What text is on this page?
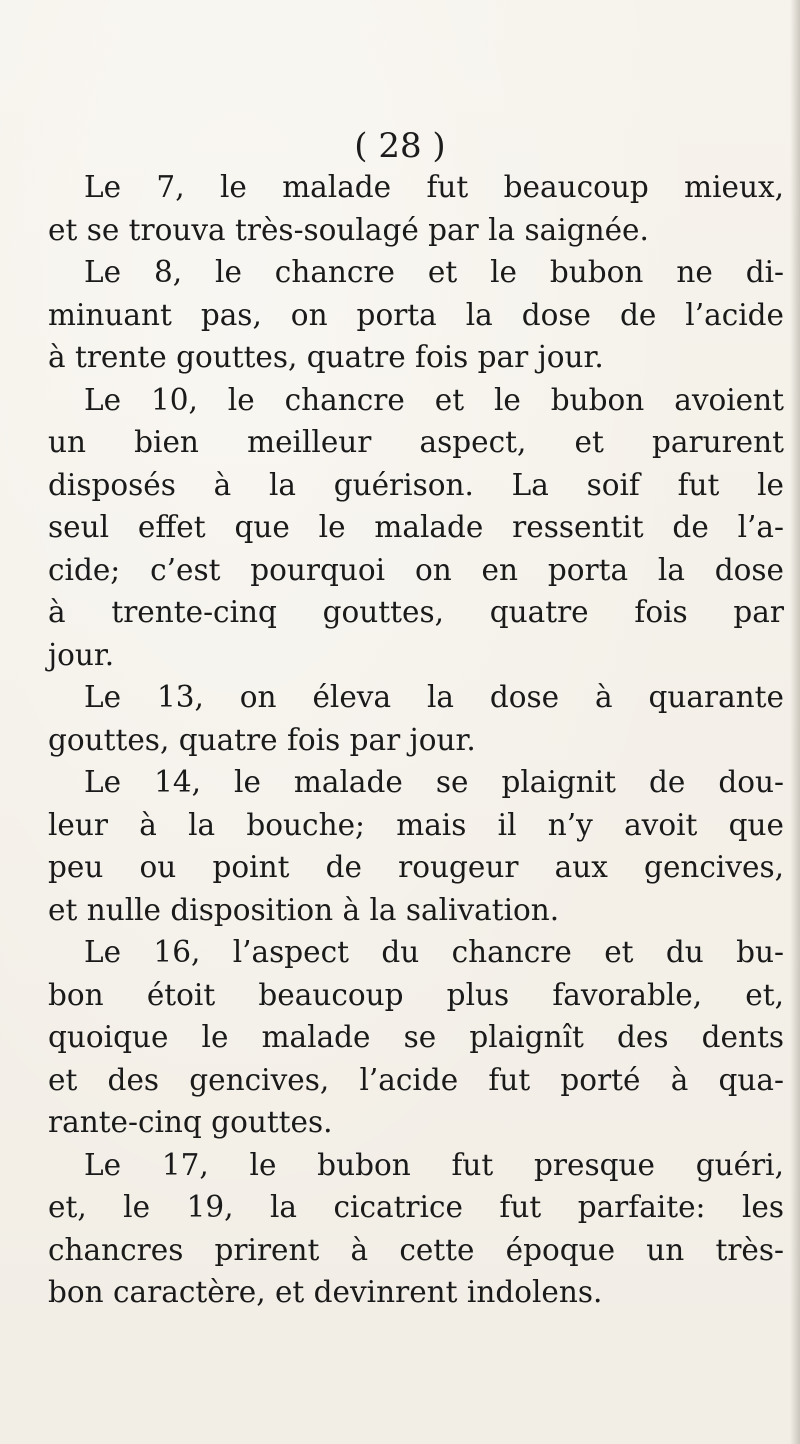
( 28 )
Le 7, le malade fut beaucoup mieux,
et se trouva très-soulagé par la saignée.
Le 8, le chancre et le bubon ne di-
minuant pas, on porta la dose de l’acide
à trente gouttes, quatre fois par jour.
Le 10, le chancre et le bubon avoient
un bien meilleur aspect, et parurent
disposés à la guérison. La soif fut le
seul effet que le malade ressentit de l’a-
cide; c’est pourquoi on en porta la dose
à trente-cinq gouttes, quatre fois par
jour.
Le 13, on éleva la dose à quarante
gouttes, quatre fois par jour.
Le 14, le malade se plaignit de dou-
leur à la bouche; mais il n’y avoit que
peu ou point de rougeur aux gencives,
et nulle disposition à la salivation.
Le 16, l’aspect du chancre et du bu-
bon étoit beaucoup plus favorable, et,
quoique le malade se plaignît des dents
et des gencives, l’acide fut porté à qua-
rante-cinq gouttes.
Le 17, le bubon fut presque guéri,
et, le 19, la cicatrice fut parfaite: les
chancres prirent à cette époque un très-
bon caractère, et devinrent indolens.
